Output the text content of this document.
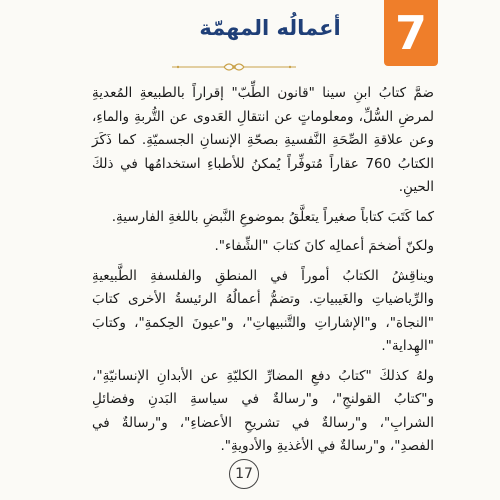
7
أعمالُه المهمّة

ضمَّ كتابُ ابنِ سينا "قانون الطِّبّ" إقراراً بالطبيعةِ المُعديةِ لمرضِ السُّلِّ، ومعلوماتٍ عن انتقالِ العَدوى عن التُّربةِ والماءِ، وعن علاقةِ الصِّحَةِ النَّفسيةِ بصحّةِ الإنسانِ الجسميّةِ. كما ذَكَرَ الكتابُ 760 عقاراً مُتوفِّراً يُمكنُ للأطباءِ استخدامُها في ذلكَ الحينِ.

كما كَتَبَ كتاباً صغيراً يتعلَّقُ بموضوعِ النَّبضِ باللغةِ الفارسيةِ.

ولكنّ أضخمَ أعمالِه كانَ كتابَ "الشِّفاء".

ويناقِشُ الكتابُ أموراً في المنطقِ والفلسفةِ الطَّبيعيةِ والرِّياضياتِ والغَيبياتِ. وتضمُّ أعمالُهُ الرئيسةُ الأخرى كتابَ "النجاة"، و"الإشاراتِ والتَّنبيهاتِ"، و"عيونَ الحِكمةِ"، وكتابَ "الهِداية".

ولهُ كذلكَ "كتابُ دفعِ المضارِّ الكليّةِ عن الأبدانِ الإنسانيّةِ"، و"كتابُ القولنجِ"، و"رسالةٌ في سياسةِ البَدنِ وفضائلِ الشرابِ"، و"رسالةٌ في تشريحِ الأعضاءِ"، و"رسالةٌ في الفصدِ"، و"رسالةٌ في الأغذيةِ والأدويةِ".

17
